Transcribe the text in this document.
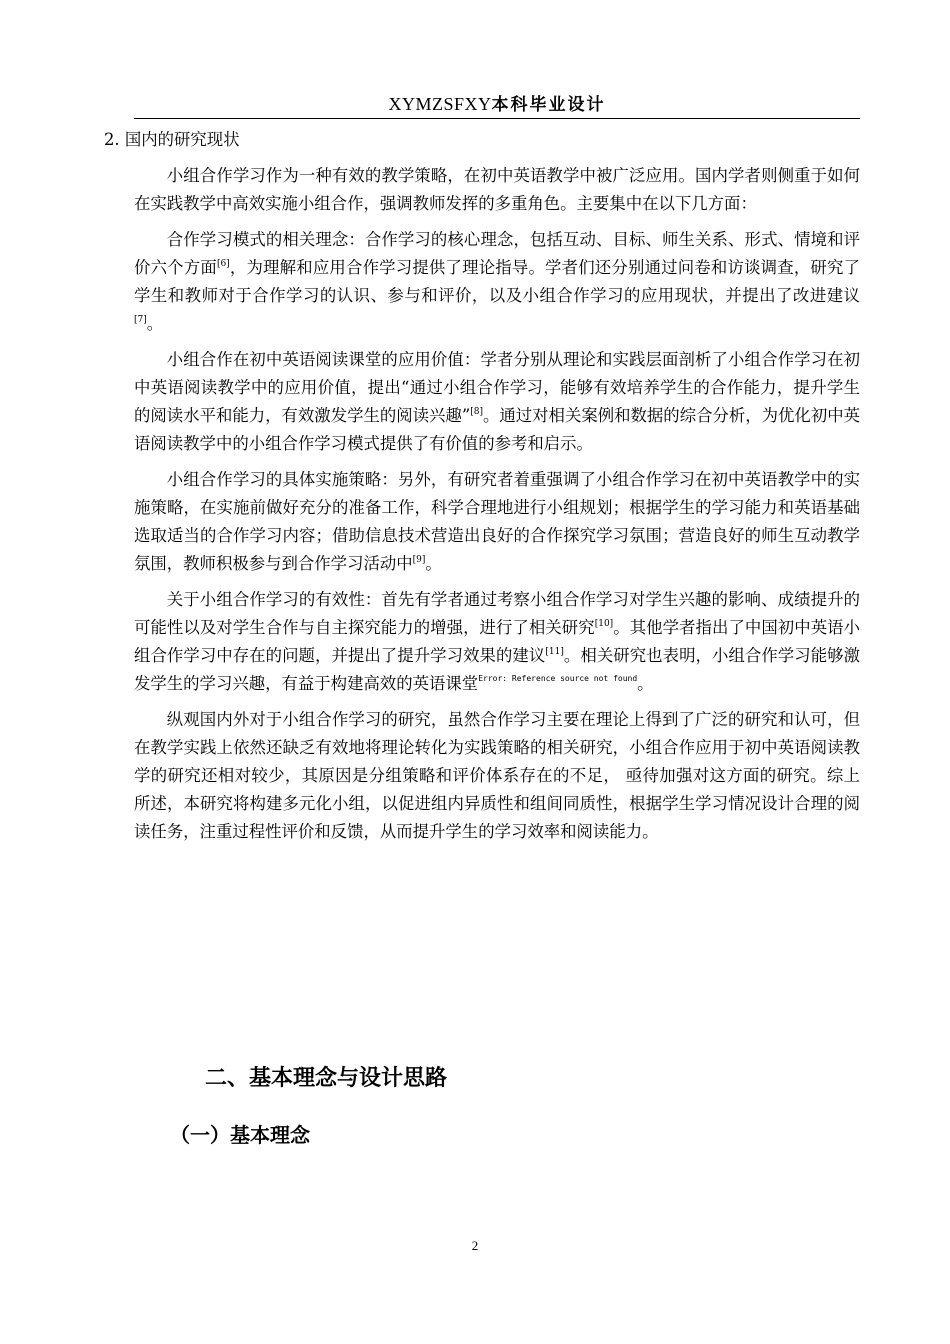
XYMZSFXY本科毕业设计

2. 国内的研究现状

小组合作学习作为一种有效的教学策略，在初中英语教学中被广泛应用。国内学者则侧重于如何在实践教学中高效实施小组合作，强调教师发挥的多重角色。主要集中在以下几方面：

合作学习模式的相关理念：合作学习的核心理念，包括互动、目标、师生关系、形式、情境和评价六个方面[6]，为理解和应用合作学习提供了理论指导。学者们还分别通过问卷和访谈调查，研究了学生和教师对于合作学习的认识、参与和评价，以及小组合作学习的应用现状，并提出了改进建议[7]。

小组合作在初中英语阅读课堂的应用价值：学者分别从理论和实践层面剖析了小组合作学习在初中英语阅读教学中的应用价值，提出“通过小组合作学习，能够有效培养学生的合作能力，提升学生的阅读水平和能力，有效激发学生的阅读兴趣”[8]。通过对相关案例和数据的综合分析，为优化初中英语阅读教学中的小组合作学习模式提供了有价值的参考和启示。

小组合作学习的具体实施策略：另外，有研究者着重强调了小组合作学习在初中英语教学中的实施策略，在实施前做好充分的准备工作，科学合理地进行小组规划；根据学生的学习能力和英语基础选取适当的合作学习内容；借助信息技术营造出良好的合作探究学习氛围；营造良好的师生互动教学氛围，教师积极参与到合作学习活动中[9]。

关于小组合作学习的有效性：首先有学者通过考察小组合作学习对学生兴趣的影响、成绩提升的可能性以及对学生合作与自主探究能力的增强，进行了相关研究[10]。其他学者指出了中国初中英语小组合作学习中存在的问题，并提出了提升学习效果的建议[11]。相关研究也表明，小组合作学习能够激发学生的学习兴趣，有益于构建高效的英语课堂$^{Error: Reference source not found}$。

纵观国内外对于小组合作学习的研究，虽然合作学习主要在理论上得到了广泛的研究和认可，但在教学实践上依然还缺乏有效地将理论转化为实践策略的相关研究，小组合作应用于初中英语阅读教学的研究还相对较少，其原因是分组策略和评价体系存在的不足， 亟待加强对这方面的研究。综上所述，本研究将构建多元化小组，以促进组内异质性和组间同质性，根据学生学习情况设计合理的阅读任务，注重过程性评价和反馈，从而提升学生的学习效率和阅读能力。

二、基本理念与设计思路
（一）基本理念
2
